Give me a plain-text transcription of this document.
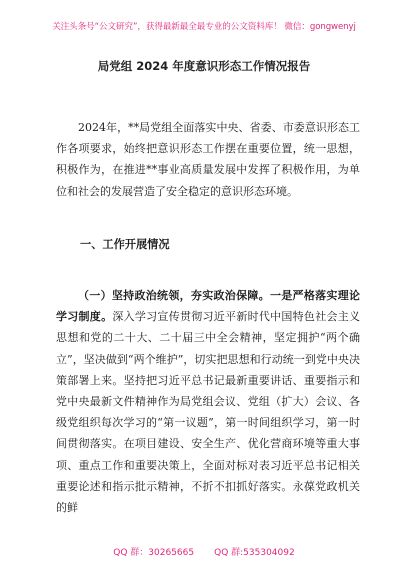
关注头条号“公文研究”，获得最新最全最专业的公文资料库！ 微信：gongwenyj
局党组 2024 年度意识形态工作情况报告

2024年，**局党组全面落实中央、省委、市委意识形态工作各项要求，始终把意识形态工作摆在重要位置，统一思想，积极作为，在推进**事业高质量发展中发挥了积极作用，为单位和社会的发展营造了安全稳定的意识形态环境。

一、工作开展情况

（一）坚持政治统领，夯实政治保障。一是严格落实理论学习制度。深入学习宣传贯彻习近平新时代中国特色社会主义思想和党的二十大、二十届三中全会精神，坚定拥护“两个确立”，坚决做到“两个维护”，切实把思想和行动统一到党中央决策部署上来。坚持把习近平总书记最新重要讲话、重要指示和党中央最新文件精神作为局党组会议、党组（扩大）会议、各级党组织每次学习的“第一议题”，第一时间组织学习，第一时间贯彻落实。在项目建设、安全生产、优化营商环境等重大事项、重点工作和重要决策上，全面对标对表习近平总书记相关重要论述和指示批示精神，不折不扣抓好落实。永葆党政机关的鲜

QQ 群：30265665 QQ 群:535304092
